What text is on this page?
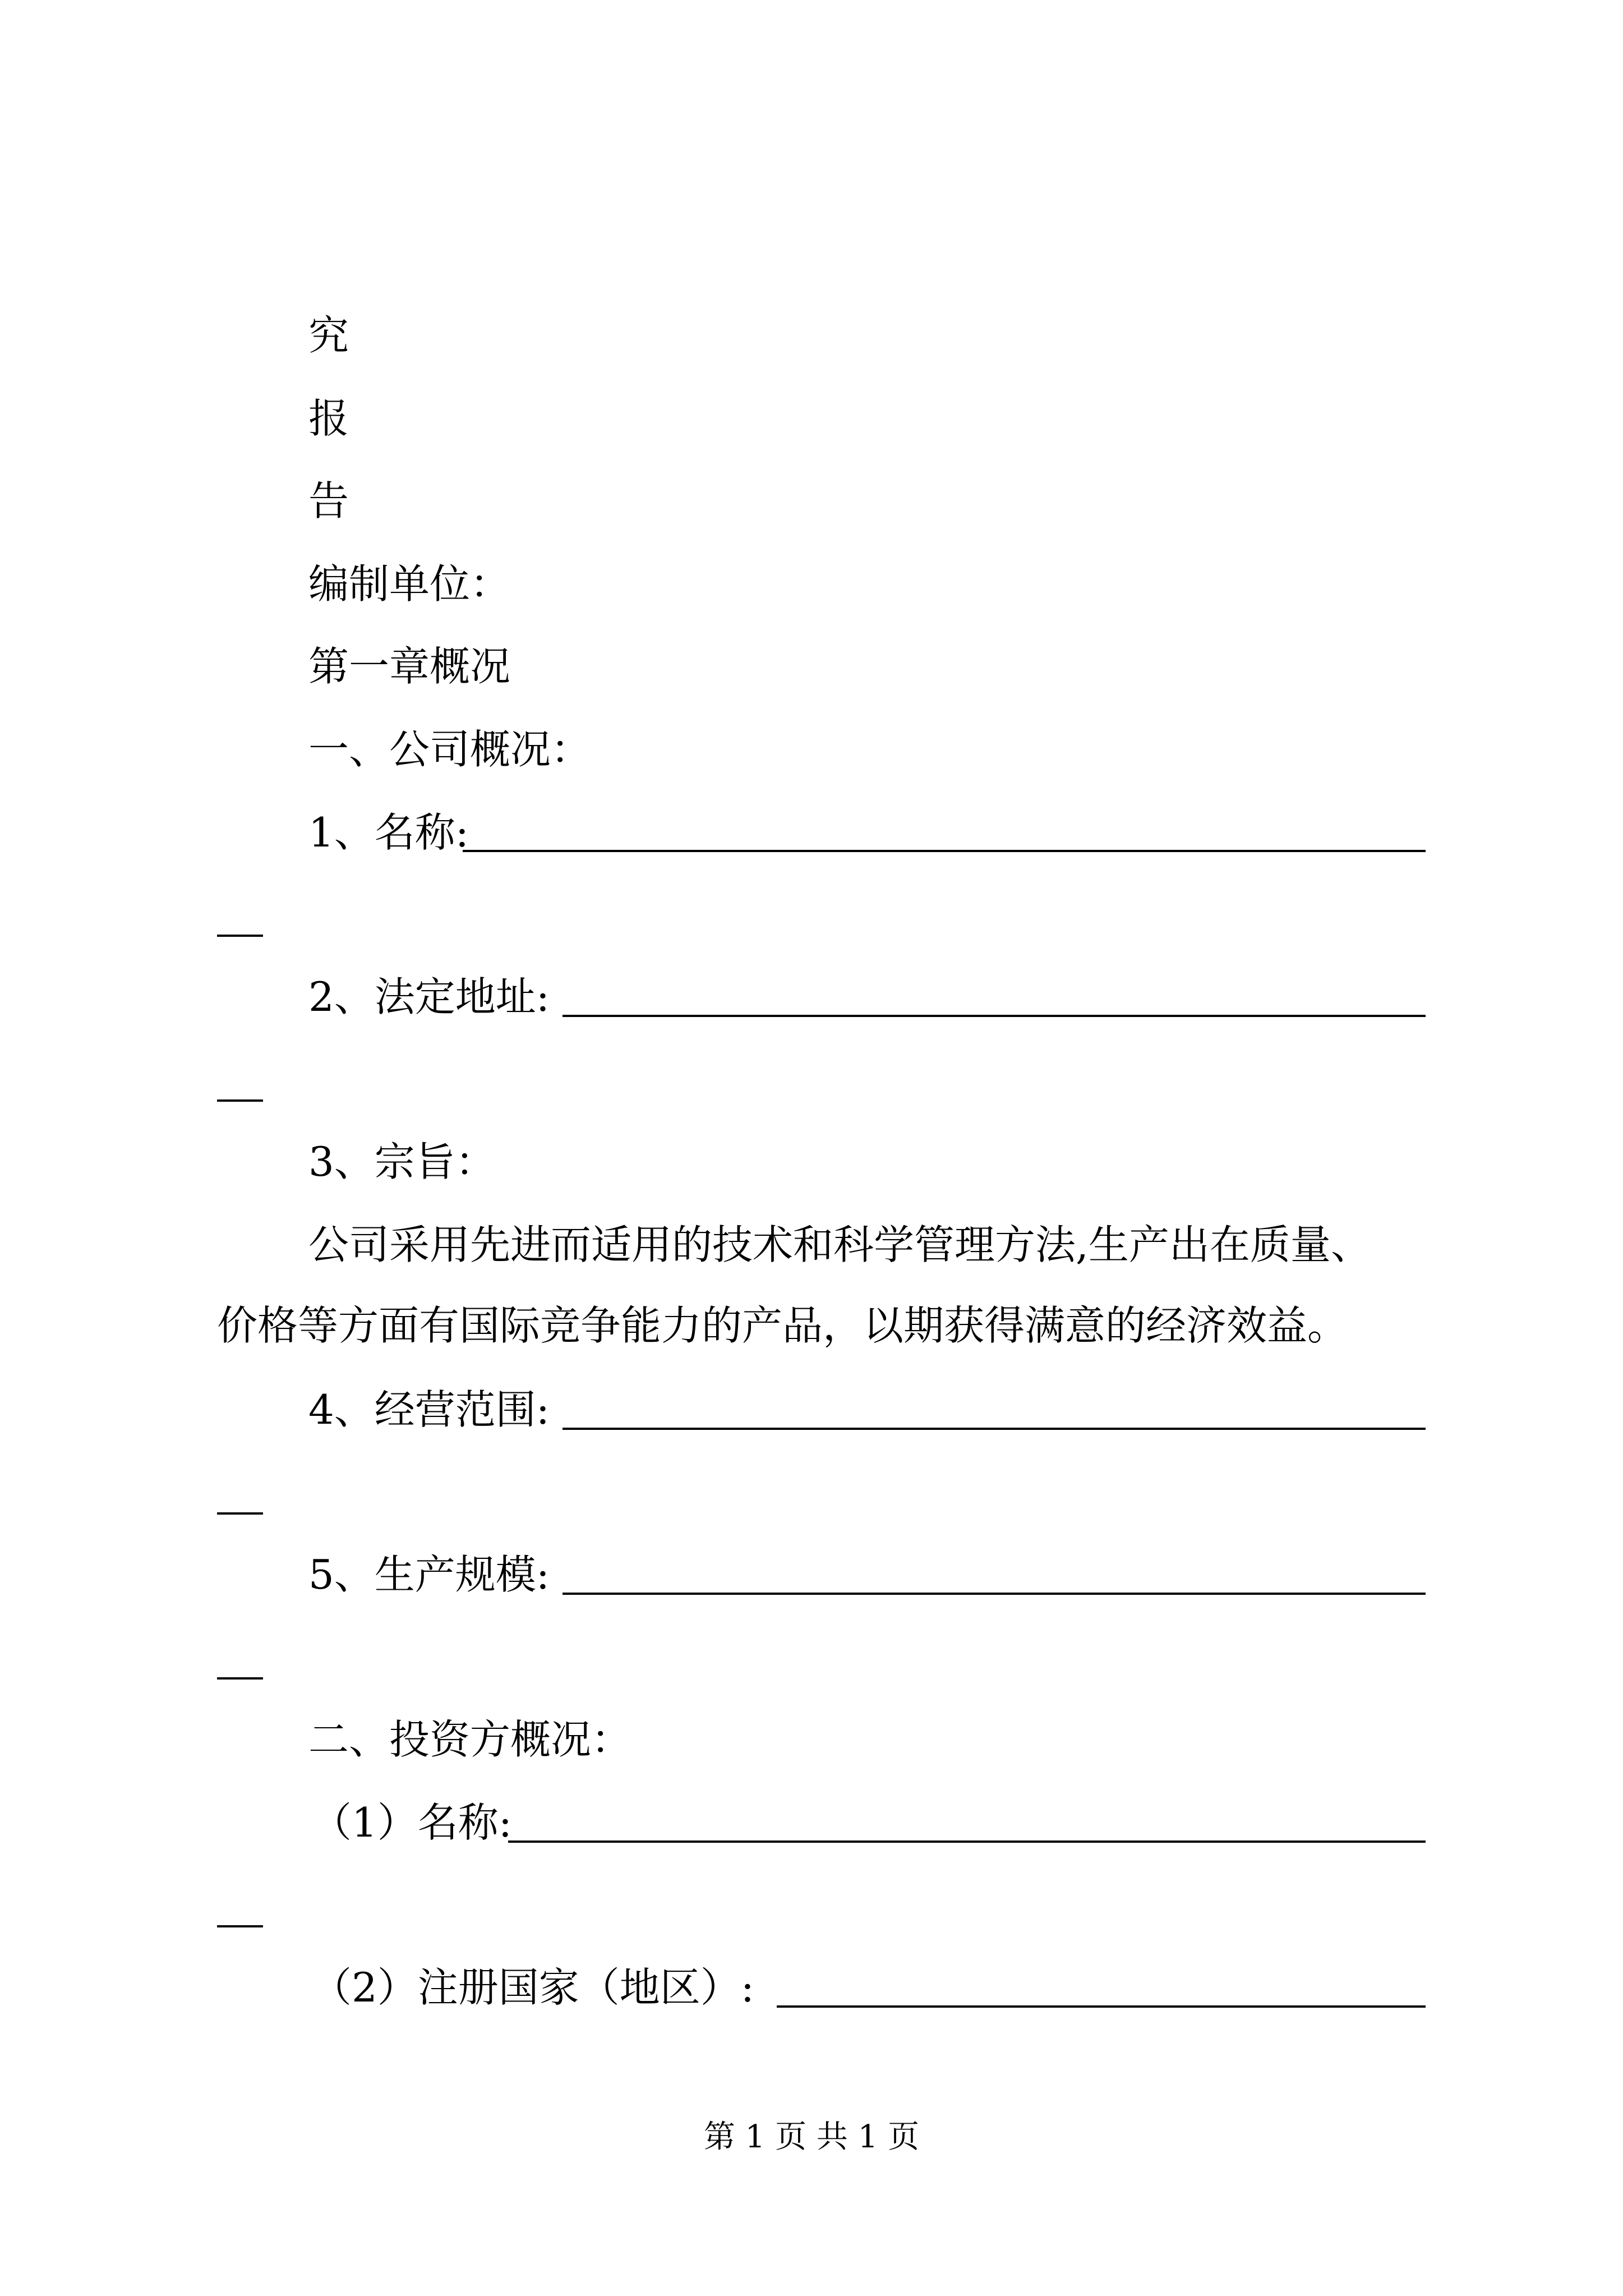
究
报
告
编制单位：
第一章概况
一、公司概况：
1、名称:
2、法定地址:
3、宗旨：
公司采用先进而适用的技术和科学管理方法,生产出在质量、
价格等方面有国际竞争能力的产品，以期获得满意的经济效益。
4、经营范围:
5、生产规模:
二、投资方概况：
（1）名称:
（2）注册国家（地区）:
第 1 页 共 1 页
